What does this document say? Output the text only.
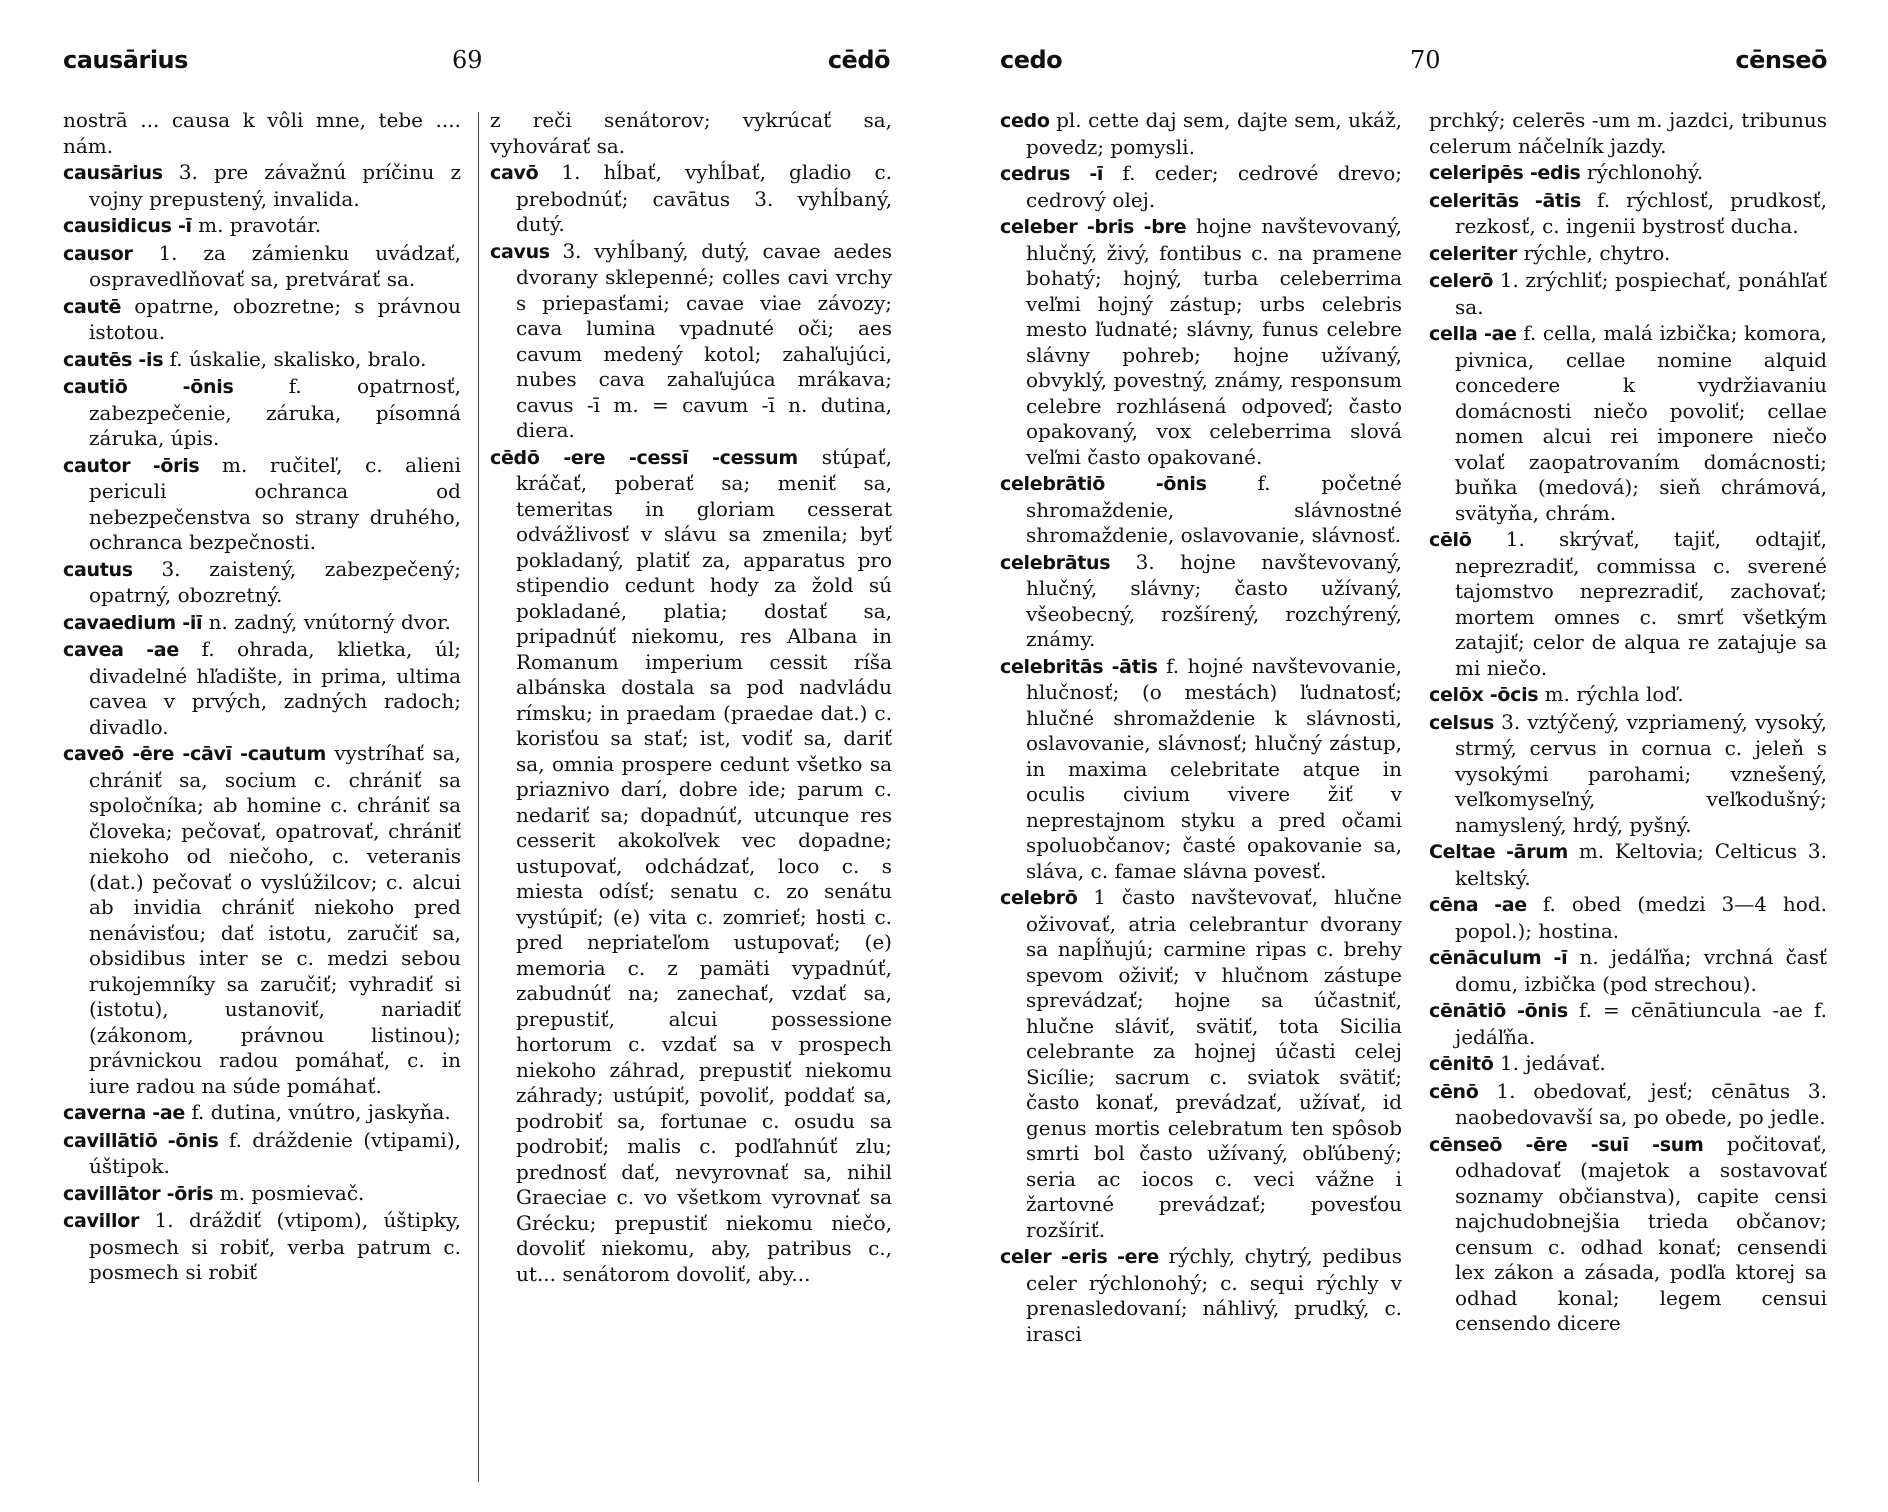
causārius	69	cēdō

nostrā ... causa k vôli mne, tebe .... nám.

causārius 3. pre závažnú príčinu z vojny prepustený, invalida.

causidicus -ī m. pravotár.

causor 1. za zámienku uvádzať, ospravedlňovať sa, pretvárať sa.

cautē opatrne, obozretne; s právnou istotou.

cautēs -is f. úskalie, skalisko, bralo.

cautiō -ōnis	f. opatrnosť, zabezpečenie, záruka, písomná záruka, úpis.

cautor -ōris m. ručiteľ, c. alieni periculi ochranca od nebezpečenstva so strany druhého, ochranca bezpečnosti.

cautus 3. zaistený, zabezpečený; opatrný, obozretný.

cavaedium -iī n. zadný, vnútorný dvor.

cavea -ae f. ohrada, klietka, úl; divadelné hľadište, in prima, ultima cavea v prvých, zadných radoch; divadlo.

caveō -ēre -cāvī -cautum vystríhať sa, chrániť sa, socium c. chrániť sa spoločníka; ab homine c. chrániť sa človeka; pečovať, opatrovať, chrániť niekoho od niečoho, c. veteranis (dat.) pečovať o vyslúžilcov; c. alcui ab invidia chrániť niekoho pred nenávisťou; dať istotu, zaručiť sa, obsidibus inter se c. medzi sebou rukojemníky sa zaručiť; vyhradiť si (istotu), ustanoviť, nariadiť (zákonom, právnou listinou); právnickou radou pomáhať, c. in iure radou na súde pomáhať.

caverna -ae f. dutina, vnútro, jaskyňa.

cavillātiō -ōnis f. dráždenie (vtipami), úštipok.

cavillātor -ōris m. posmievač.

cavillor 1. dráždiť (vtipom), úštipky, posmech si robiť, verba patrum c. posmech si robiť

z reči senátorov; vykrúcať sa, vyhovárať sa.

cavō 1. hĺbať, vyhĺbať, gladio c. prebodnúť; cavātus 3. vyhĺbaný, dutý.

cavus 3. vyhĺbaný, dutý, cavae aedes dvorany sklepenné; colles cavi vrchy s priepasťami; cavae viae závozy; cava lumina vpadnuté oči; aes cavum medený kotol; zahaľujúci, nubes cava zahaľujúca mrákava; cavus -ī m. = cavum -ī n. dutina, diera.

cēdō -ere -cessī -cessum stúpať, kráčať, poberať sa; meniť sa, temeritas in gloriam cesserat odvážlivosť v slávu sa zmenila; byť pokladaný, platiť za, apparatus pro stipendio cedunt hody za žold sú pokladané, platia; dostať sa, pripadnúť niekomu, res Albana in Romanum imperium cessit ríša albánska dostala sa pod nadvládu rímsku; in praedam (praedae dat.) c. korisťou sa stať; ist, vodiť sa, dariť sa, omnia prospere cedunt všetko sa priaznivo darí, dobre ide; parum c. nedariť sa; dopadnúť, utcunque res cesserit akokoľvek vec dopadne; ustupovať, odchádzať, loco c. s miesta odísť; senatu c. zo senátu vystúpiť; (e) vita c. zomrieť; hosti c. pred nepriateľom ustupovať; (e) memoria c. z pamäti vypadnúť, zabudnúť na; zanechať, vzdať sa, prepustiť, alcui possessione hortorum c. vzdať sa v prospech niekoho záhrad, prepustiť niekomu záhrady; ustúpiť, povoliť, poddať sa, podrobiť sa, fortunae c. osudu sa podrobiť; malis c. podľahnúť zlu; prednosť dať, nevyrovnať sa, nihil Graeciae c. vo všetkom vyrovnať sa Grécku; prepustiť niekomu niečo, dovoliť niekomu, aby, patribus c., ut... senátorom dovoliť, aby...

cedo	70	cēnseō

cedo pl. cette daj sem, dajte sem, ukáž, povedz; pomysli.

cedrus -ī f. ceder; cedrové drevo; cedrový olej.

celeber -bris -bre hojne navštevovaný, hlučný, živý, fontibus c. na pramene bohatý; hojný, turba celeberrima veľmi hojný zástup; urbs celebris mesto ľudnaté; slávny, funus celebre slávny pohreb; hojne užívaný, obvyklý, povestný, známy, responsum celebre rozhlásená odpoveď; často opakovaný, vox celeberrima slová veľmi často opakované.

celebrātiō -ōnis	f. početné shromaždenie, slávnostné shromaždenie, oslavovanie, slávnosť.

celebrātus 3. hojne navštevovaný, hlučný, slávny; často užívaný, všeobecný, rozšírený, rozchýrený, známy.

celebritās -ātis f. hojné navštevovanie, hlučnosť; (o mestách) ľudnatosť; hlučné shromaždenie k slávnosti, oslavovanie, slávnosť; hlučný zástup, in maxima celebritate atque in oculis civium vivere žiť v neprestajnom styku a pred očami spoluobčanov; časté opakovanie sa, sláva, c. famae slávna povesť.

celebrō 1 často navštevovať, hlučne oživovať, atria celebrantur dvorany sa napĺňujú; carmine ripas c. brehy spevom oživiť; v hlučnom zástupe sprevádzať; hojne sa účastniť, hlučne sláviť, svätiť, tota Sicilia celebrante za hojnej účasti celej Sicílie; sacrum c. sviatok svätiť; často konať, prevádzať, užívať, id genus mortis celebratum ten spôsob smrti bol často užívaný, obľúbený; seria ac iocos c. veci vážne i žartovné prevádzať; povesťou rozšíriť.

celer -eris -ere rýchly, chytrý, pedibus celer rýchlonohý; c. sequi rýchly v prenasledovaní; náhlivý, prudký, c. irasci

prchký; celerēs -um m. jazdci, tribunus celerum náčelník jazdy.

celeripēs -edis rýchlonohý.

celeritās -ātis f. rýchlosť, prudkosť, rezkosť, c. ingenii bystrosť ducha.

celeriter rýchle, chytro.

celerō 1. zrýchliť; pospiechať, ponáhľať sa.

cella -ae f. cella, malá izbička; komora, pivnica, cellae nomine alquid concedere k vydržiavaniu domácnosti niečo povoliť; cellae nomen alcui rei imponere niečo volať zaopatrovaním domácnosti; buňka (medová); sieň chrámová, svätyňa, chrám.

cēlō 1. skrývať, tajiť, odtajiť, neprezradiť, commissa c. sverené tajomstvo neprezradiť, zachovať; mortem omnes c. smrť všetkým zatajiť; celor de alqua re zatajuje sa mi niečo.

celōx -ōcis m. rýchla loď.

celsus 3. vztýčený, vzpriamený, vysoký, strmý, cervus in cornua c. jeleň s vysokými parohami; vznešený, veľkomyseľný, veľkodušný; namyslený, hrdý, pyšný.

Celtae -ārum m. Keltovia; Celticus 3. keltský.

cēna -ae f. obed (medzi 3—4 hod. popol.); hostina.

cēnāculum -ī n. jedáľňa; vrchná časť domu, izbička (pod strechou).

cēnātiō -ōnis f. = cēnātiuncula -ae f. jedáľňa.

cēnitō 1. jedávať.

cēnō 1. obedovať, jesť; cēnātus 3. naobedovavší sa, po obede, po jedle.

cēnseō -ēre -suī -sum počitovať, odhadovať (majetok a sostavovať soznamy občianstva), capite censi najchudobnejšia trieda občanov; censum c. odhad konať; censendi lex zákon a zásada, podľa ktorej sa odhad konal; legem censui censendo dicere
